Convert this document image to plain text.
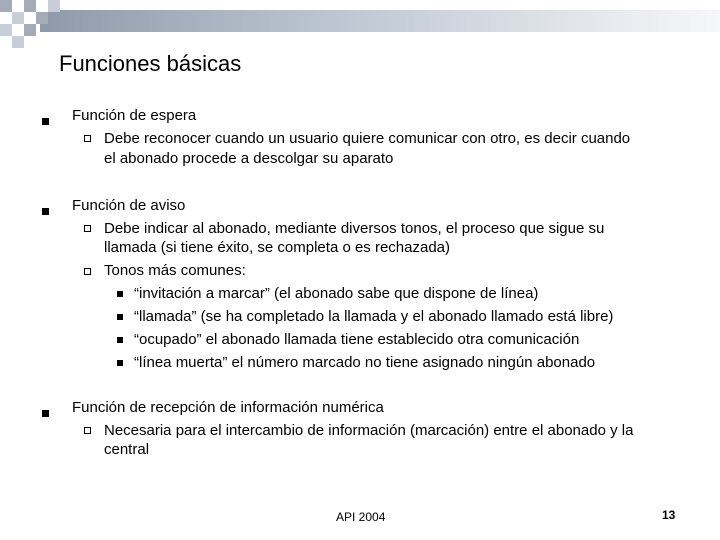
Funciones básicas
Función de espera
Debe reconocer cuando un usuario quiere comunicar con otro, es decir cuando
el abonado procede a descolgar su aparato
Función de aviso
Debe indicar al abonado, mediante diversos tonos, el proceso que sigue su
llamada (si tiene éxito, se completa o es rechazada)
Tonos más comunes:
“invitación a marcar” (el abonado sabe que dispone de línea)
“llamada” (se ha completado la llamada y el abonado llamado está libre)
“ocupado” el abonado llamada tiene establecido otra comunicación
“línea muerta” el número marcado no tiene asignado ningún abonado
Función de recepción de información numérica
Necesaria para el intercambio de información (marcación) entre el abonado y la
central
API 2004	13
